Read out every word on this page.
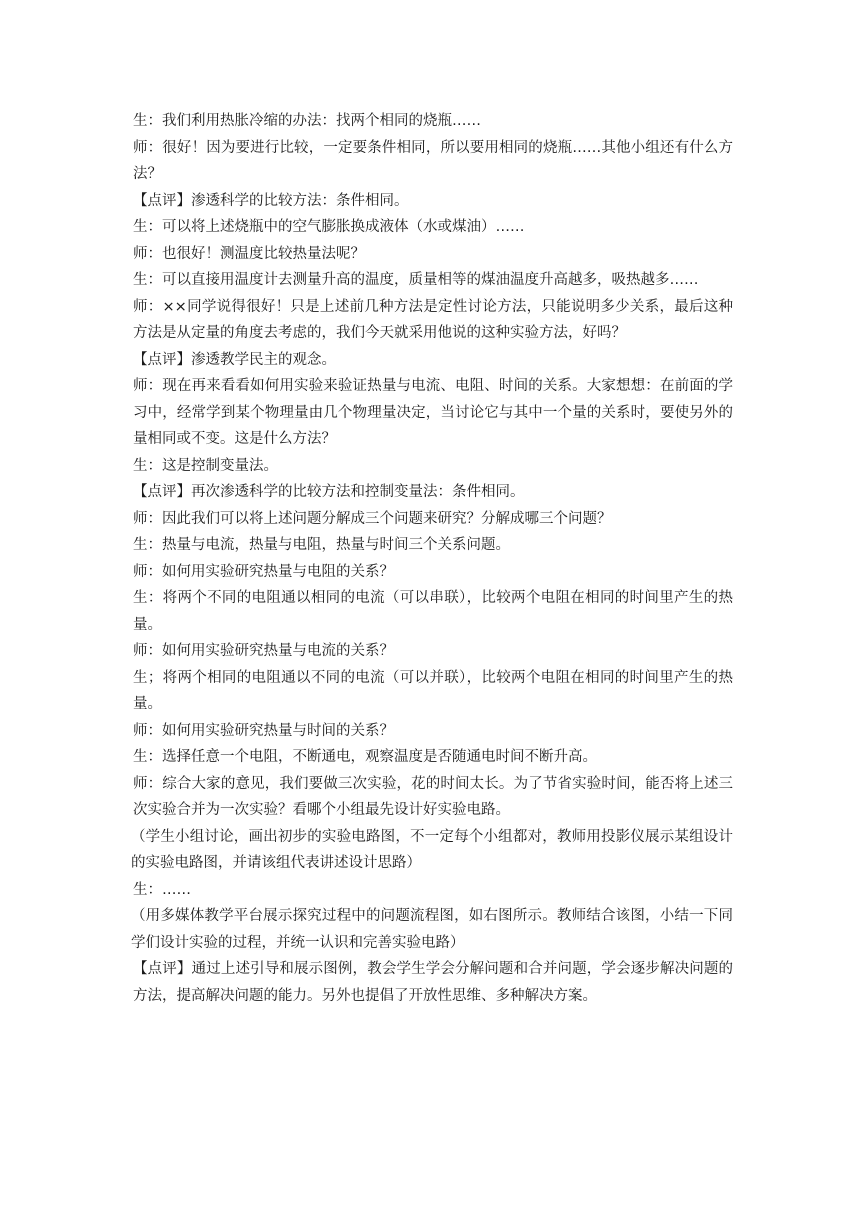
生：我们利用热胀冷缩的办法：找两个相同的烧瓶……

师：很好！因为要进行比较，一定要条件相同，所以要用相同的烧瓶……其他小组还有什么方法？

【点评】渗透科学的比较方法：条件相同。

生：可以将上述烧瓶中的空气膨胀换成液体（水或煤油）……

师：也很好！测温度比较热量法呢？

生：可以直接用温度计去测量升高的温度，质量相等的煤油温度升高越多，吸热越多……

师：××同学说得很好！只是上述前几种方法是定性讨论方法，只能说明多少关系，最后这种方法是从定量的角度去考虑的，我们今天就采用他说的这种实验方法，好吗？

【点评】渗透教学民主的观念。

师：现在再来看看如何用实验来验证热量与电流、电阻、时间的关系。大家想想：在前面的学习中，经常学到某个物理量由几个物理量决定，当讨论它与其中一个量的关系时，要使另外的量相同或不变。这是什么方法？

生：这是控制变量法。

【点评】再次渗透科学的比较方法和控制变量法：条件相同。

师：因此我们可以将上述问题分解成三个问题来研究？分解成哪三个问题？

生：热量与电流，热量与电阻，热量与时间三个关系问题。

师：如何用实验研究热量与电阻的关系？

生：将两个不同的电阻通以相同的电流（可以串联），比较两个电阻在相同的时间里产生的热量。

师：如何用实验研究热量与电流的关系？

生；将两个相同的电阻通以不同的电流（可以并联），比较两个电阻在相同的时间里产生的热量。

师：如何用实验研究热量与时间的关系？

生：选择任意一个电阻，不断通电，观察温度是否随通电时间不断升高。

师：综合大家的意见，我们要做三次实验，花的时间太长。为了节省实验时间，能否将上述三次实验合并为一次实验？看哪个小组最先设计好实验电路。

（学生小组讨论，画出初步的实验电路图，不一定每个小组都对，教师用投影仪展示某组设计的实验电路图，并请该组代表讲述设计思路）

生：……

（用多媒体教学平台展示探究过程中的问题流程图，如右图所示。教师结合该图，小结一下同学们设计实验的过程，并统一认识和完善实验电路）

【点评】通过上述引导和展示图例，教会学生学会分解问题和合并问题，学会逐步解决问题的方法，提高解决问题的能力。另外也提倡了开放性思维、多种解决方案。
